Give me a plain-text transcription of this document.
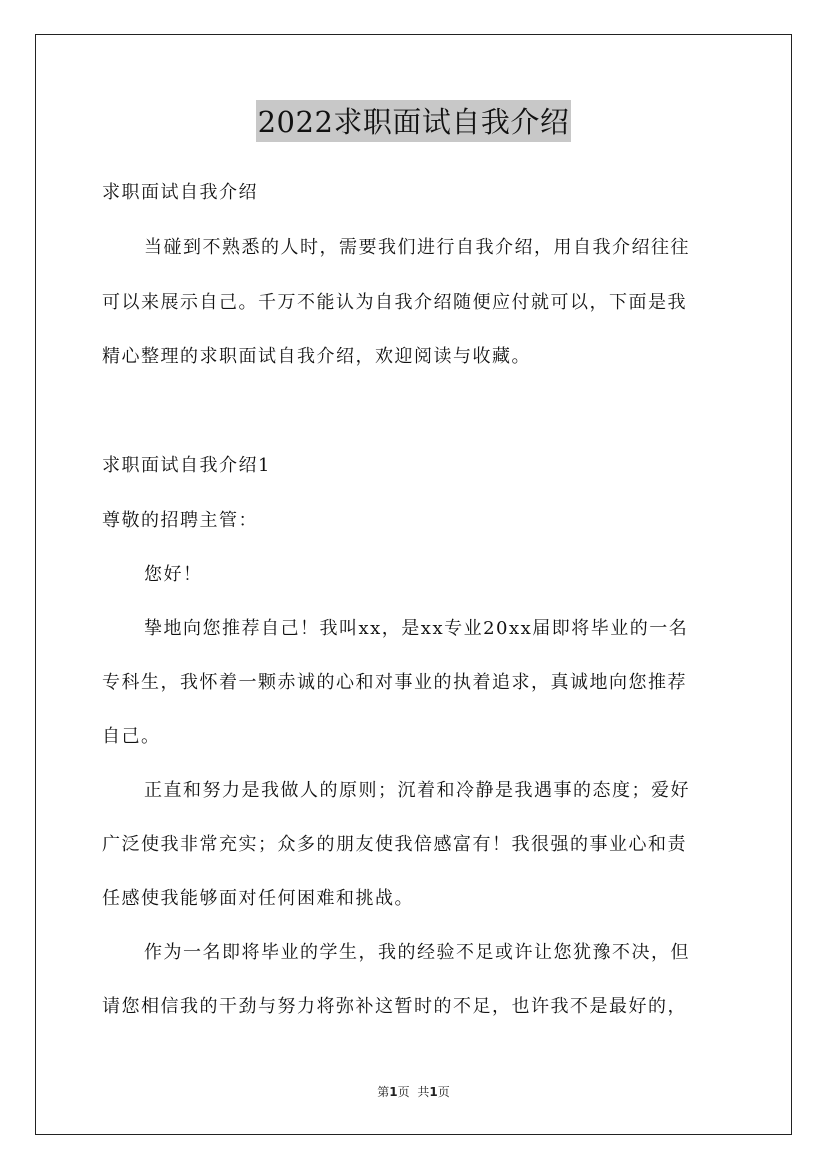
2022求职面试自我介绍

求职面试自我介绍

当碰到不熟悉的人时，需要我们进行自我介绍，用自我介绍往往

可以来展示自己。千万不能认为自我介绍随便应付就可以，下面是我

精心整理的求职面试自我介绍，欢迎阅读与收藏。

求职面试自我介绍1

尊敬的招聘主管：

您好！

挚地向您推荐自己！我叫xx，是xx专业20xx届即将毕业的一名

专科生，我怀着一颗赤诚的心和对事业的执着追求，真诚地向您推荐

自己。

正直和努力是我做人的原则；沉着和冷静是我遇事的态度；爱好

广泛使我非常充实；众多的朋友使我倍感富有！我很强的事业心和责

任感使我能够面对任何困难和挑战。

作为一名即将毕业的学生，我的经验不足或许让您犹豫不决，但

请您相信我的干劲与努力将弥补这暂时的不足，也许我不是最好的，

第1页 共1页
